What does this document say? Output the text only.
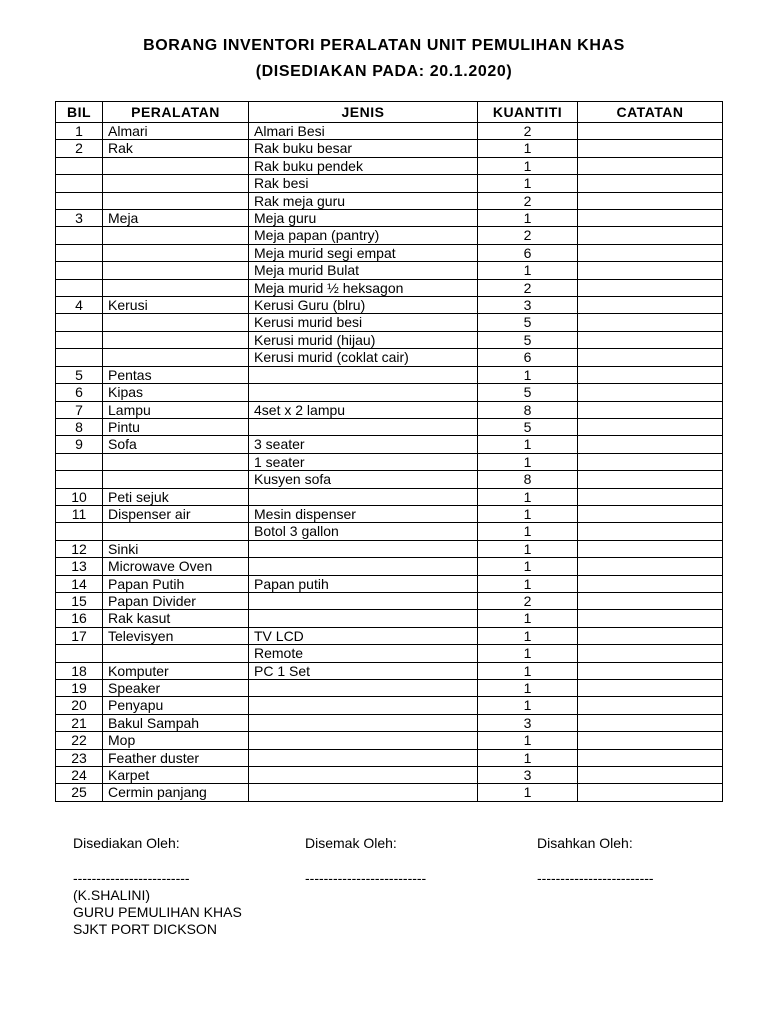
BORANG INVENTORI PERALATAN UNIT PEMULIHAN KHAS
(DISEDIAKAN PADA: 20.1.2020)
BIL	PERALATAN	JENIS	KUANTITI	CATATAN
1	Almari	Almari Besi	2	
2	Rak	Rak buku besar	1	
		Rak buku pendek	1	
		Rak besi	1	
		Rak meja guru	2	
3	Meja	Meja guru	1	
		Meja papan (pantry)	2	
		Meja murid segi empat	6	
		Meja murid Bulat	1	
		Meja murid ½ heksagon	2	
4	Kerusi	Kerusi Guru (blru)	3	
		Kerusi murid besi	5	
		Kerusi murid (hijau)	5	
		Kerusi murid (coklat cair)	6	
5	Pentas		1	
6	Kipas		5	
7	Lampu	4set x 2 lampu	8	
8	Pintu		5	
9	Sofa	3 seater	1	
		1 seater	1	
		Kusyen sofa	8	
10	Peti sejuk		1	
11	Dispenser air	Mesin dispenser	1	
		Botol 3 gallon	1	
12	Sinki		1	
13	Microwave Oven		1	
14	Papan Putih	Papan putih	1	
15	Papan Divider		2	
16	Rak kasut		1	
17	Televisyen	TV LCD	1	
		Remote	1	
18	Komputer	PC 1 Set	1	
19	Speaker		1	
20	Penyapu		1	
21	Bakul Sampah		3	
22	Mop		1	
23	Feather duster		1	
24	Karpet		3	
25	Cermin panjang		1	
Disediakan Oleh:
-------------------------
(K.SHALINI)
GURU PEMULIHAN KHAS
SJKT PORT DICKSON
Disemak Oleh:
--------------------------
Disahkan Oleh:
-------------------------
